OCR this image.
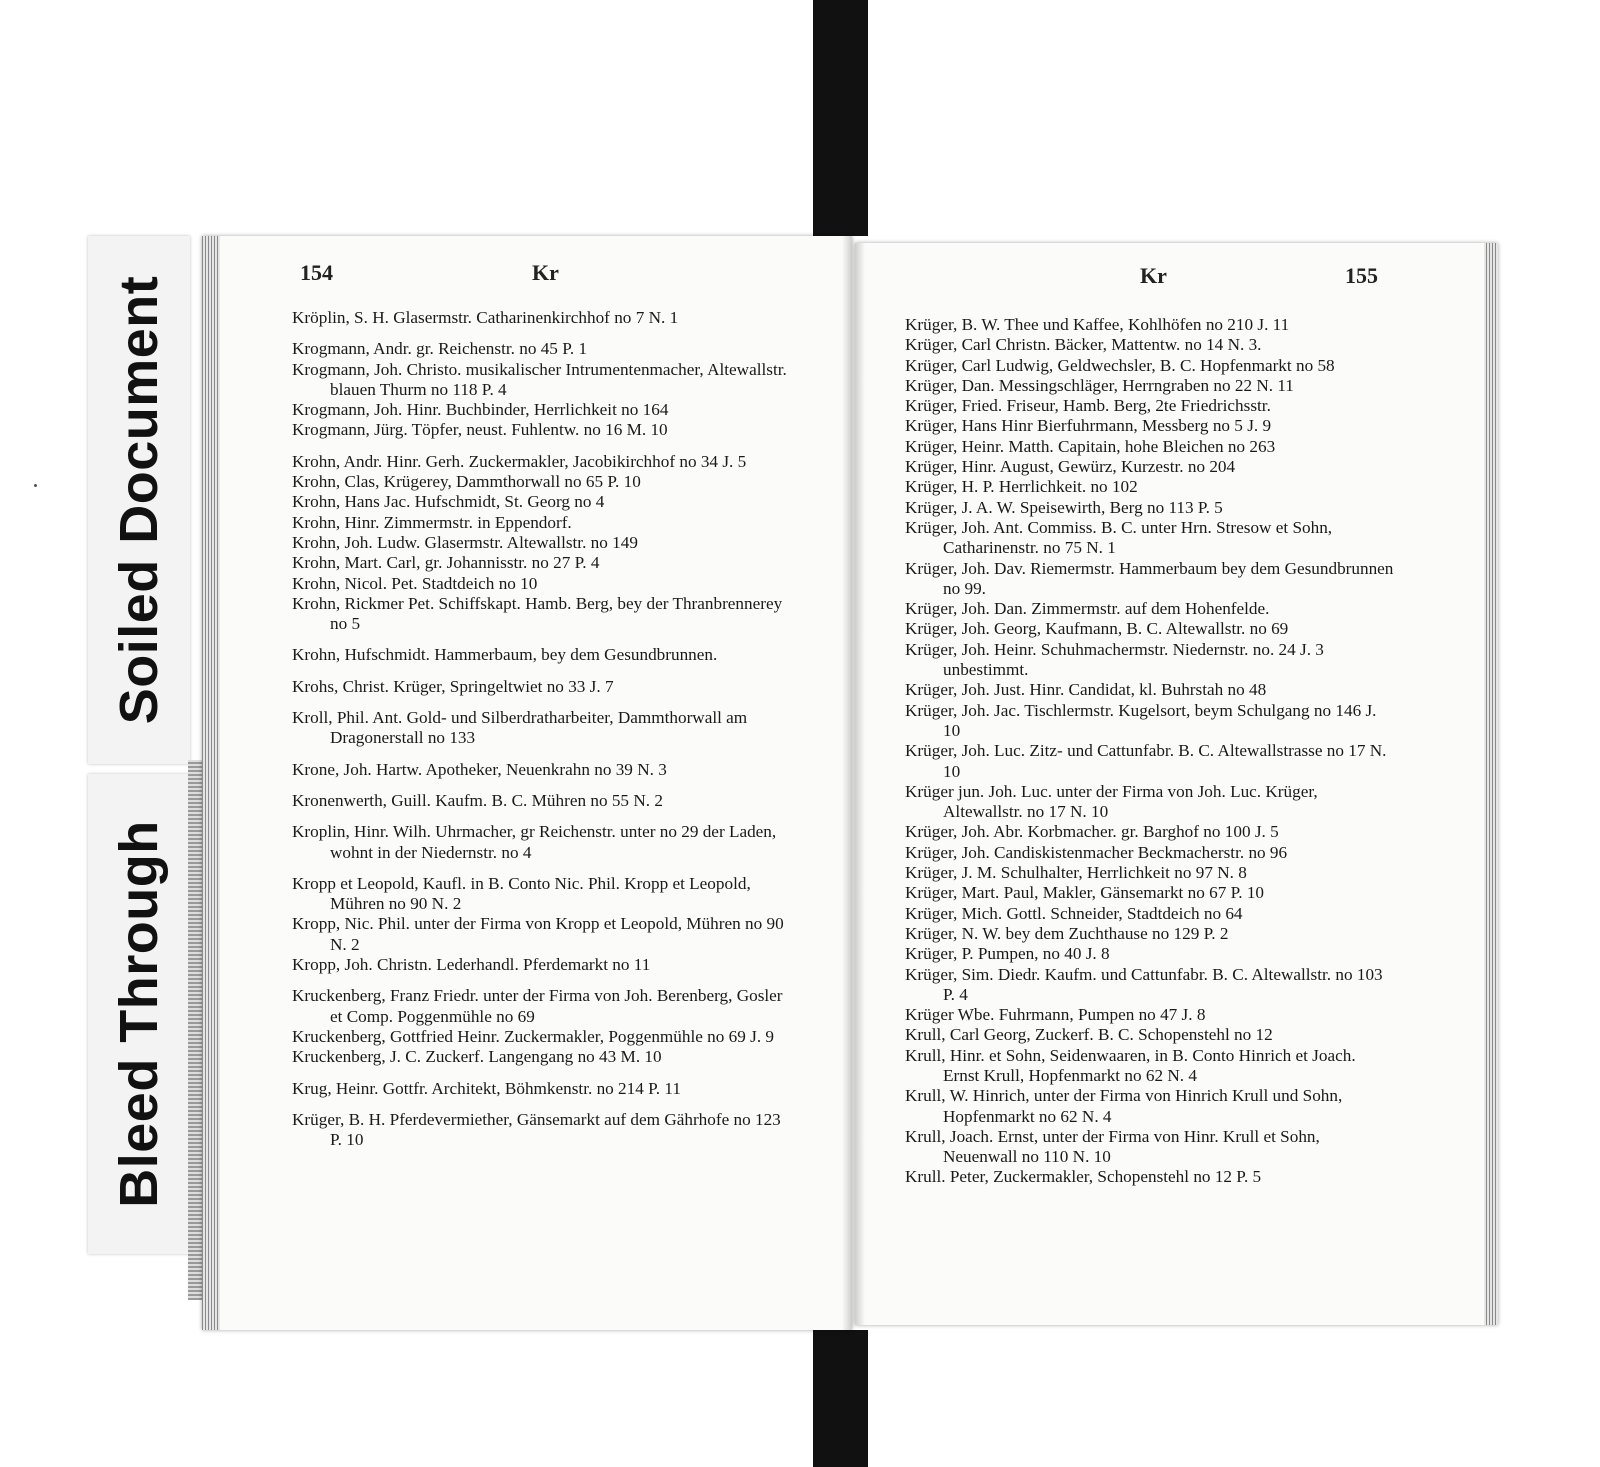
Soiled Document
Bleed Through
154	Kr

Kröplin, S. H. Glasermstr. Catharinenkirchhof no 7 N. 1

Krogmann, Andr. gr. Reichenstr. no 45 P. 1

Krogmann, Joh. Christo. musikalischer Intrumentenmacher, Altewallstr. blauen Thurm no 118 P. 4

Krogmann, Joh. Hinr. Buchbinder, Herrlichkeit no 164

Krogmann, Jürg. Töpfer, neust. Fuhlentw. no 16 M. 10

Krohn, Andr. Hinr. Gerh. Zuckermakler, Jacobikirchhof no 34 J. 5

Krohn, Clas, Krügerey, Dammthorwall no 65 P. 10

Krohn, Hans Jac. Hufschmidt, St. Georg no 4

Krohn, Hinr. Zimmermstr. in Eppendorf.

Krohn, Joh. Ludw. Glasermstr. Altewallstr. no 149

Krohn, Mart. Carl, gr. Johannisstr. no 27 P. 4

Krohn, Nicol. Pet. Stadtdeich no 10

Krohn, Rickmer Pet. Schiffskapt. Hamb. Berg, bey der Thranbrennerey no 5

Krohn, Hufschmidt. Hammerbaum, bey dem Gesundbrunnen.

Krohs, Christ. Krüger, Springeltwiet no 33 J. 7

Kroll, Phil. Ant. Gold- und Silberdratharbeiter, Dammthorwall am Dragonerstall no 133

Krone, Joh. Hartw. Apotheker, Neuenkrahn no 39 N. 3

Kronenwerth, Guill. Kaufm. B. C. Mühren no 55 N. 2

Kroplin, Hinr. Wilh. Uhrmacher, gr Reichenstr. unter no 29 der Laden, wohnt in der Niedernstr. no 4

Kropp et Leopold, Kaufl. in B. Conto Nic. Phil. Kropp et Leopold, Mühren no 90 N. 2

Kropp, Nic. Phil. unter der Firma von Kropp et Leopold, Mühren no 90 N. 2

Kropp, Joh. Christn. Lederhandl. Pferdemarkt no 11

Kruckenberg, Franz Friedr. unter der Firma von Joh. Berenberg, Gosler et Comp. Poggenmühle no 69

Kruckenberg, Gottfried Heinr. Zuckermakler, Poggenmühle no 69 J. 9

Kruckenberg, J. C. Zuckerf. Langengang no 43 M. 10

Krug, Heinr. Gottfr. Architekt, Böhmkenstr. no 214 P. 11

Krüger, B. H. Pferdevermiether, Gänsemarkt auf dem Gährhofe no 123 P. 10

Kr	155

Krüger, B. W. Thee und Kaffee, Kohlhöfen no 210 J. 11

Krüger, Carl Christn. Bäcker, Mattentw. no 14 N. 3.

Krüger, Carl Ludwig, Geldwechsler, B. C. Hopfenmarkt no 58

Krüger, Dan. Messingschläger, Herrngraben no 22 N. 11

Krüger, Fried. Friseur, Hamb. Berg, 2te Friedrichsstr.

Krüger, Hans Hinr Bierfuhrmann, Messberg no 5 J. 9

Krüger, Heinr. Matth. Capitain, hohe Bleichen no 263

Krüger, Hinr. August, Gewürz, Kurzestr. no 204

Krüger, H. P. Herrlichkeit. no 102

Krüger, J. A. W. Speisewirth, Berg no 113 P. 5

Krüger, Joh. Ant. Commiss. B. C. unter Hrn. Stresow et Sohn, Catharinenstr. no 75 N. 1

Krüger, Joh. Dav. Riemermstr. Hammerbaum bey dem Gesundbrunnen no 99.

Krüger, Joh. Dan. Zimmermstr. auf dem Hohenfelde.

Krüger, Joh. Georg, Kaufmann, B. C. Altewallstr. no 69

Krüger, Joh. Heinr. Schuhmachermstr. Niedernstr. no. 24 J. 3 unbestimmt.

Krüger, Joh. Just. Hinr. Candidat, kl. Buhrstah no 48

Krüger, Joh. Jac. Tischlermstr. Kugelsort, beym Schulgang no 146 J. 10

Krüger, Joh. Luc. Zitz- und Cattunfabr. B. C. Altewallstrasse no 17 N. 10

Krüger jun. Joh. Luc. unter der Firma von Joh. Luc. Krüger, Altewallstr. no 17 N. 10

Krüger, Joh. Abr. Korbmacher. gr. Barghof no 100 J. 5

Krüger, Joh. Candiskistenmacher Beckmacherstr. no 96

Krüger, J. M. Schulhalter, Herrlichkeit no 97 N. 8

Krüger, Mart. Paul, Makler, Gänsemarkt no 67 P. 10

Krüger, Mich. Gottl. Schneider, Stadtdeich no 64

Krüger, N. W. bey dem Zuchthause no 129 P. 2

Krüger, P. Pumpen, no 40 J. 8

Krüger, Sim. Diedr. Kaufm. und Cattunfabr. B. C. Altewallstr. no 103 P. 4

Krüger Wbe. Fuhrmann, Pumpen no 47 J. 8

Krull, Carl Georg, Zuckerf. B. C. Schopenstehl no 12

Krull, Hinr. et Sohn, Seidenwaaren, in B. Conto Hinrich et Joach. Ernst Krull, Hopfenmarkt no 62 N. 4

Krull, W. Hinrich, unter der Firma von Hinrich Krull und Sohn, Hopfenmarkt no 62 N. 4

Krull, Joach. Ernst, unter der Firma von Hinr. Krull et Sohn, Neuenwall no 110 N. 10

Krull. Peter, Zuckermakler, Schopenstehl no 12 P. 5
